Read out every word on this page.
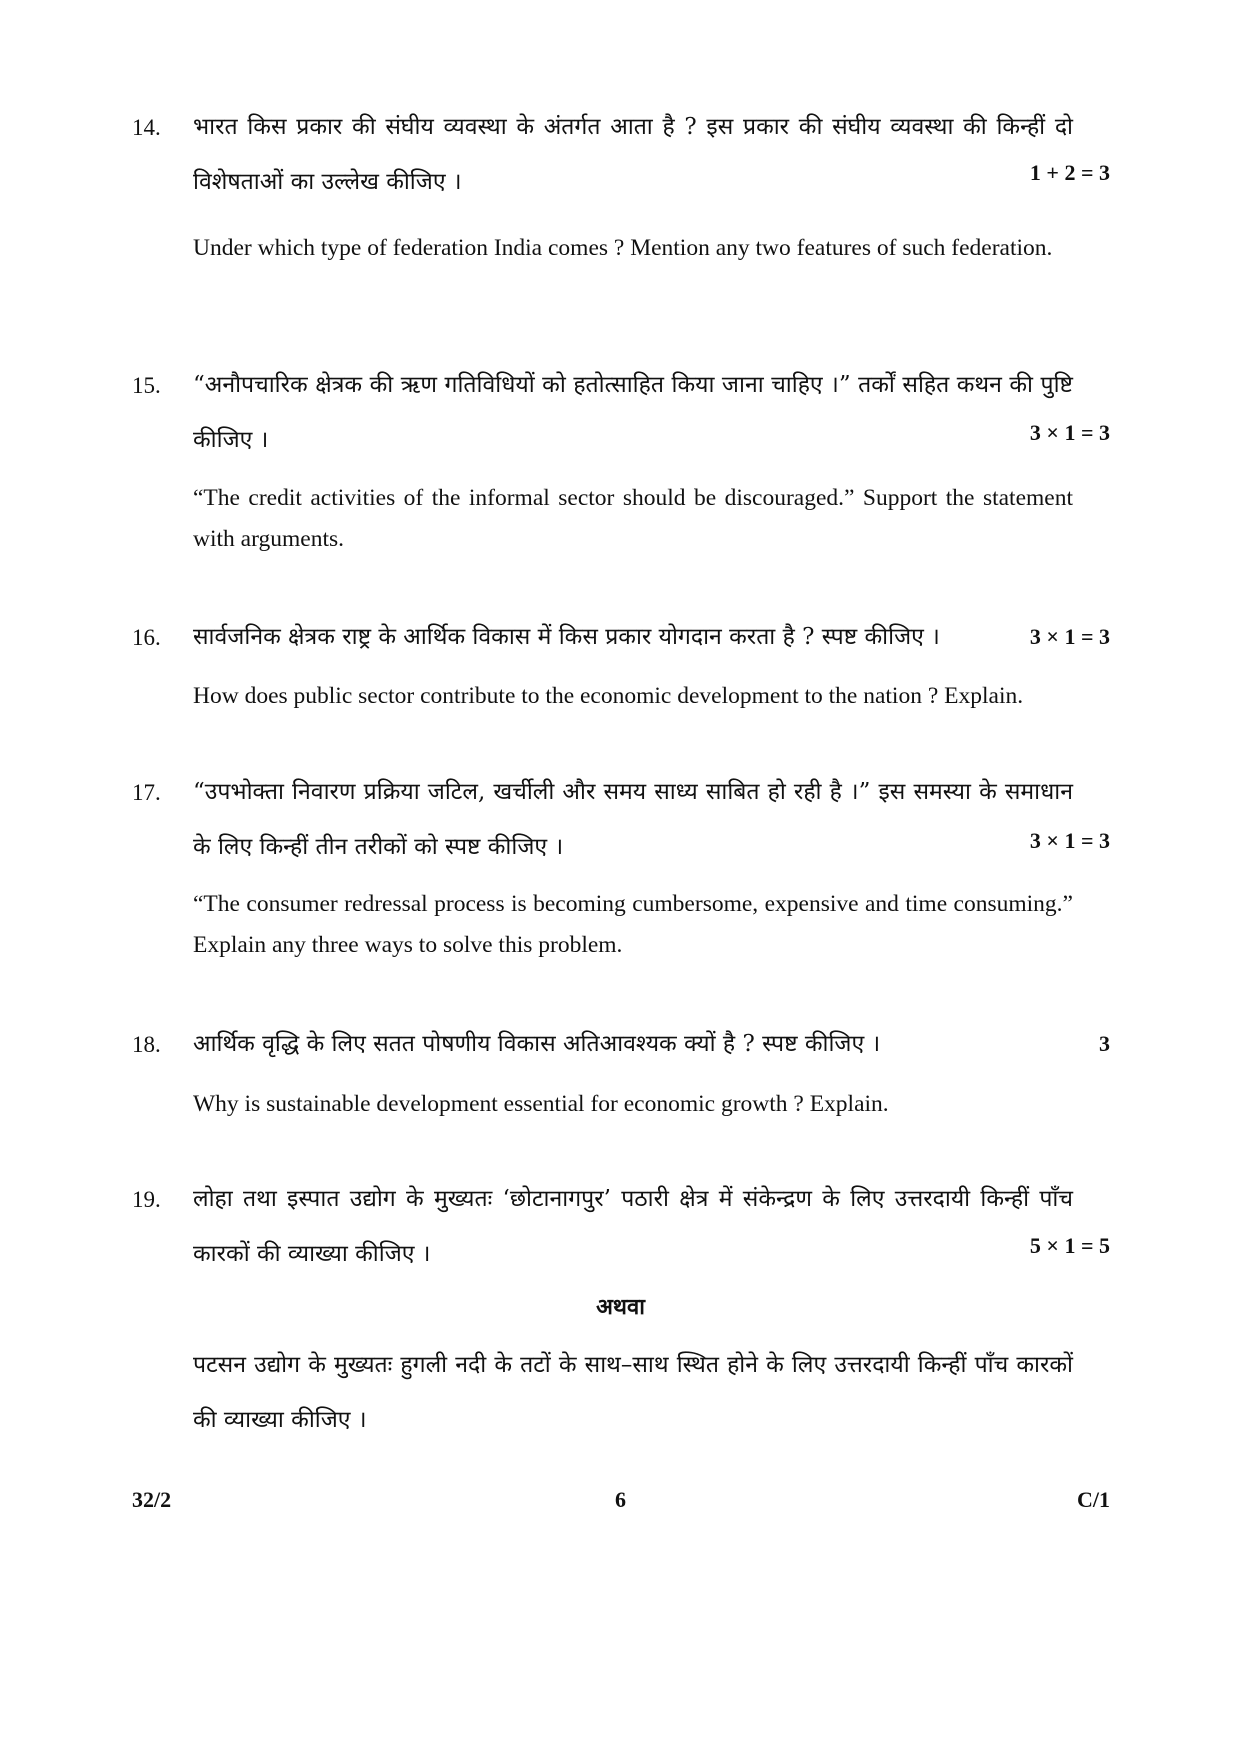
14. भारत किस प्रकार की संघीय व्यवस्था के अंतर्गत आता है ? इस प्रकार की संघीय व्यवस्था की किन्हीं दो विशेषताओं का उल्लेख कीजिए ।	1 + 2 = 3
Under which type of federation India comes ? Mention any two features of such federation.
15. “अनौपचारिक क्षेत्रक की ऋण गतिविधियों को हतोत्साहित किया जाना चाहिए ।” तर्कों सहित कथन की पुष्टि कीजिए ।	3 × 1 = 3
“The credit activities of the informal sector should be discouraged.” Support the statement with arguments.
16. सार्वजनिक क्षेत्रक राष्ट्र के आर्थिक विकास में किस प्रकार योगदान करता है ? स्पष्ट कीजिए ।	3 × 1 = 3
How does public sector contribute to the economic development to the nation ? Explain.
17. “उपभोक्ता निवारण प्रक्रिया जटिल, खर्चीली और समय साध्य साबित हो रही है ।” इस समस्या के समाधान के लिए किन्हीं तीन तरीकों को स्पष्ट कीजिए ।	3 × 1 = 3
“The consumer redressal process is becoming cumbersome, expensive and time consuming.” Explain any three ways to solve this problem.
18. आर्थिक वृद्धि के लिए सतत पोषणीय विकास अतिआवश्यक क्यों है ? स्पष्ट कीजिए ।	3
Why is sustainable development essential for economic growth ? Explain.
19. लोहा तथा इस्पात उद्योग के मुख्यतः ‘छोटानागपुर’ पठारी क्षेत्र में संकेन्द्रण के लिए उत्तरदायी किन्हीं पाँच कारकों की व्याख्या कीजिए ।	5 × 1 = 5
अथवा
पटसन उद्योग के मुख्यतः हुगली नदी के तटों के साथ–साथ स्थित होने के लिए उत्तरदायी किन्हीं पाँच कारकों की व्याख्या कीजिए ।
32/2	6	C/1
